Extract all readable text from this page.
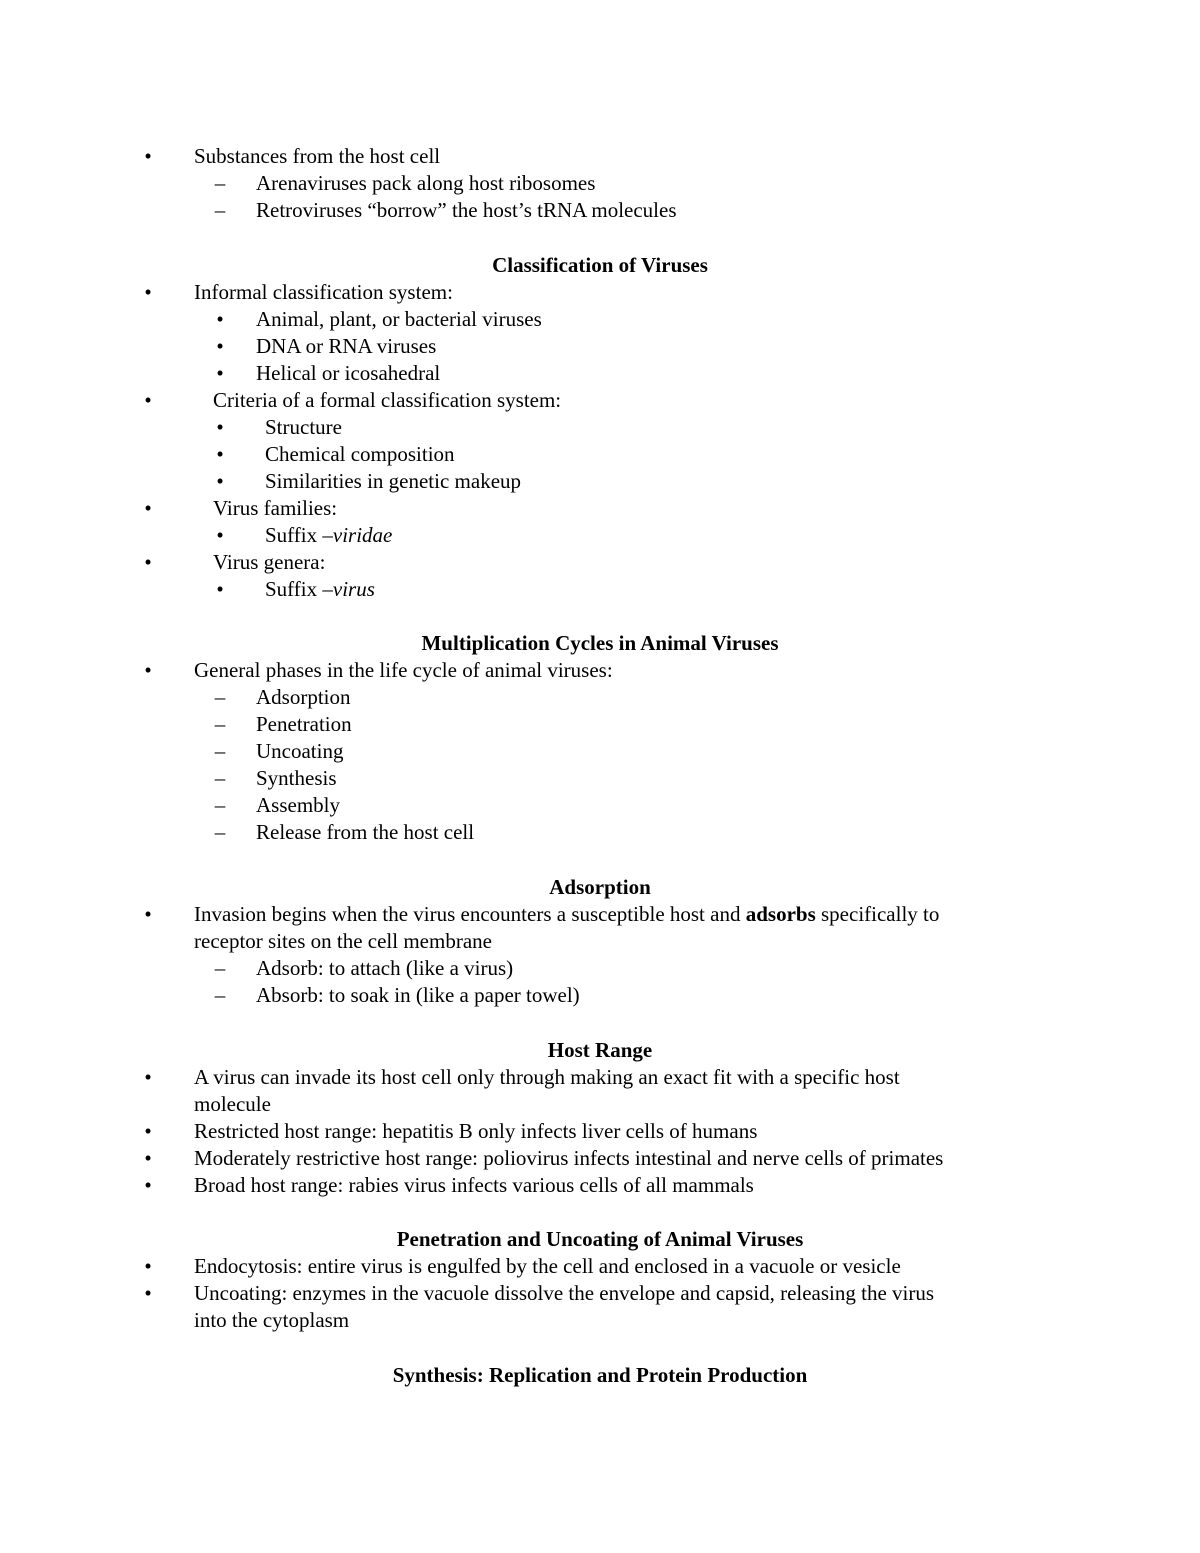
•	Substances from the host cell
– Arenaviruses pack along host ribosomes
– Retroviruses “borrow” the host’s tRNA molecules
Classification of Viruses
•	Informal classification system:
•	Animal, plant, or bacterial viruses
•	DNA or RNA viruses
•	Helical or icosahedral
•	Criteria of a formal classification system:
•	Structure
•	Chemical composition
•	Similarities in genetic makeup
•	Virus families:
•	Suffix –viridae
•	Virus genera:
•	Suffix –virus
Multiplication Cycles in Animal Viruses
•	General phases in the life cycle of animal viruses:
– Adsorption
– Penetration
– Uncoating
– Synthesis
– Assembly
– Release from the host cell
Adsorption
•	Invasion begins when the virus encounters a susceptible host and adsorbs specifically to
receptor sites on the cell membrane
– Adsorb: to attach (like a virus)
– Absorb: to soak in (like a paper towel)
Host Range
•	A virus can invade its host cell only through making an exact fit with a specific host
molecule
•	Restricted host range: hepatitis B only infects liver cells of humans
•	Moderately restrictive host range: poliovirus infects intestinal and nerve cells of primates
•	Broad host range: rabies virus infects various cells of all mammals
Penetration and Uncoating of Animal Viruses
•	Endocytosis: entire virus is engulfed by the cell and enclosed in a vacuole or vesicle
•	Uncoating: enzymes in the vacuole dissolve the envelope and capsid, releasing the virus
into the cytoplasm
Synthesis: Replication and Protein Production
